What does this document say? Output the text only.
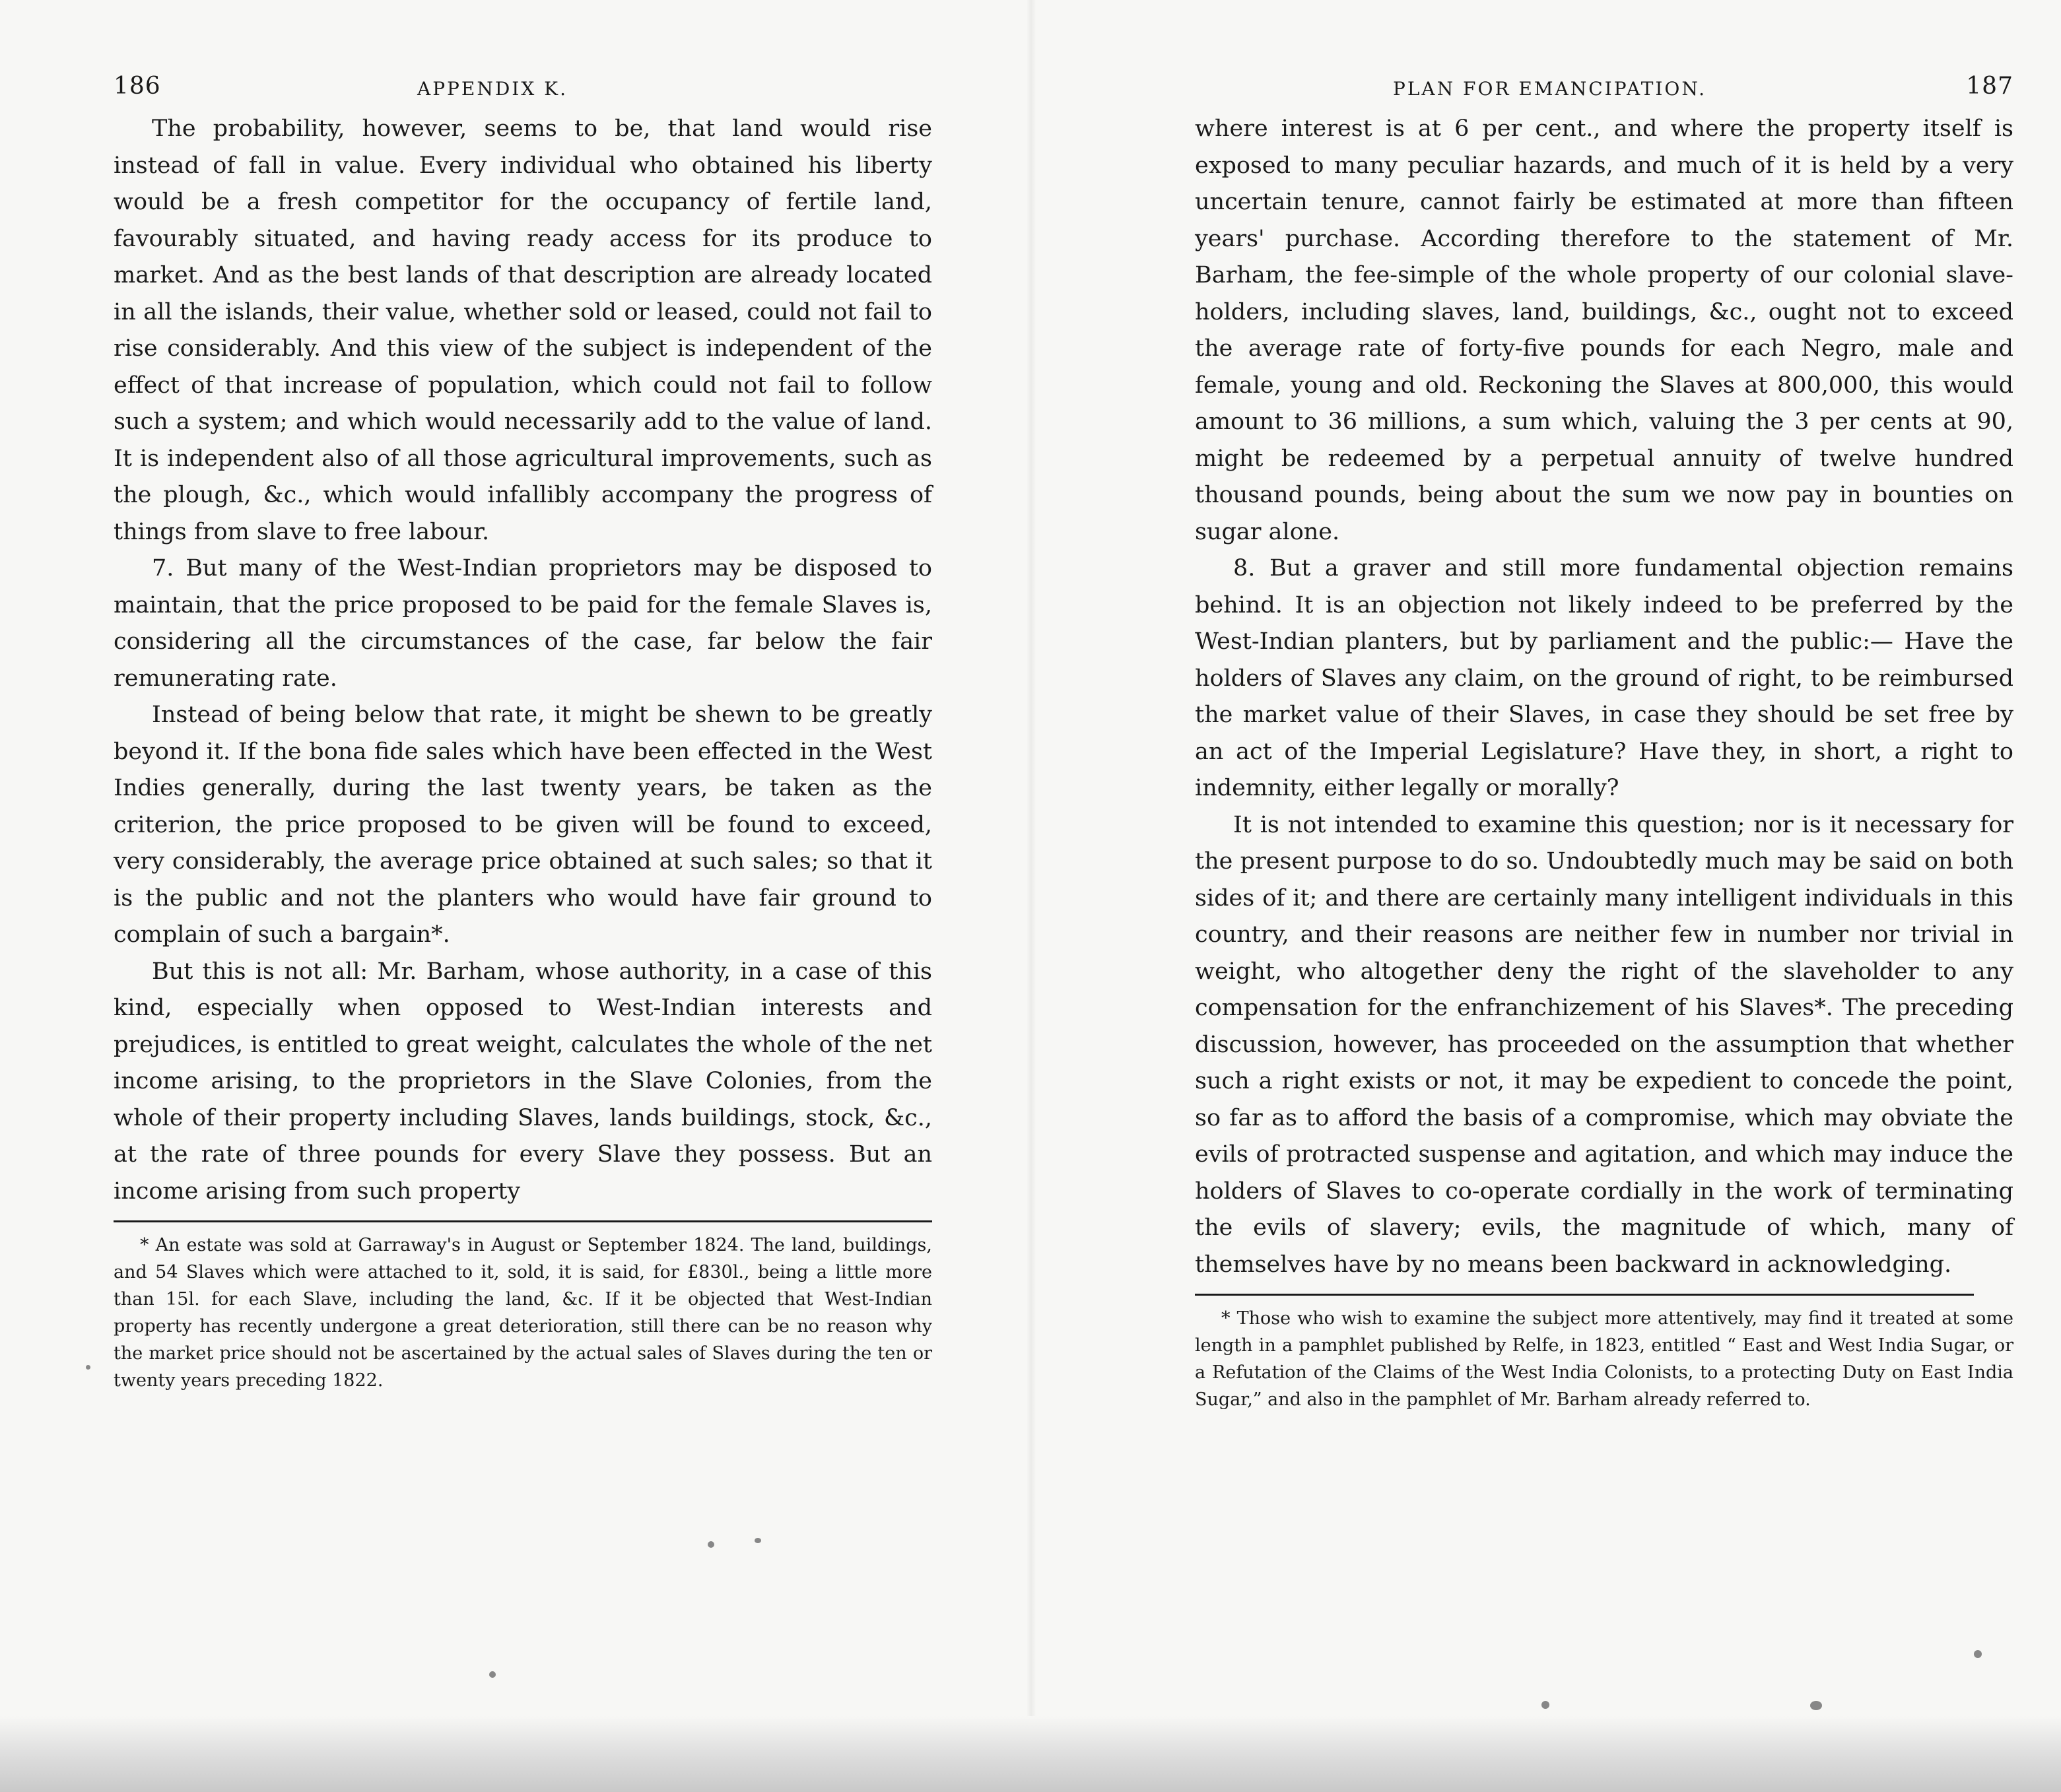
186	APPENDIX K.

The probability, however, seems to be, that land would rise instead of fall in value. Every individual who obtained his liberty would be a fresh competitor for the occupancy of fertile land, favourably situated, and having ready access for its produce to market. And as the best lands of that description are already located in all the islands, their value, whether sold or leased, could not fail to rise considerably. And this view of the subject is independent of the effect of that increase of population, which could not fail to follow such a system; and which would necessarily add to the value of land. It is independent also of all those agricultural improvements, such as the plough, &c., which would infallibly accompany the progress of things from slave to free labour.

7. But many of the West-Indian proprietors may be disposed to maintain, that the price proposed to be paid for the female Slaves is, considering all the circumstances of the case, far below the fair remunerating rate.

Instead of being below that rate, it might be shewn to be greatly beyond it. If the bona fide sales which have been effected in the West Indies generally, during the last twenty years, be taken as the criterion, the price proposed to be given will be found to exceed, very considerably, the average price obtained at such sales; so that it is the public and not the planters who would have fair ground to complain of such a bargain*.

But this is not all: Mr. Barham, whose authority, in a case of this kind, especially when opposed to West-Indian interests and prejudices, is entitled to great weight, calculates the whole of the net income arising, to the proprietors in the Slave Colonies, from the whole of their property including Slaves, lands buildings, stock, &c., at the rate of three pounds for every Slave they possess. But an income arising from such property

* An estate was sold at Garraway's in August or September 1824. The land, buildings, and 54 Slaves which were attached to it, sold, it is said, for £830l., being a little more than 15l. for each Slave, including the land, &c. If it be objected that West-Indian property has recently undergone a great deterioration, still there can be no reason why the market price should not be ascertained by the actual sales of Slaves during the ten or twenty years preceding 1822.

PLAN FOR EMANCIPATION.	187

where interest is at 6 per cent., and where the property itself is exposed to many peculiar hazards, and much of it is held by a very uncertain tenure, cannot fairly be estimated at more than fifteen years' purchase. According therefore to the statement of Mr. Barham, the fee-simple of the whole property of our colonial slave-holders, including slaves, land, buildings, &c., ought not to exceed the average rate of forty-five pounds for each Negro, male and female, young and old. Reckoning the Slaves at 800,000, this would amount to 36 millions, a sum which, valuing the 3 per cents at 90, might be redeemed by a perpetual annuity of twelve hundred thousand pounds, being about the sum we now pay in bounties on sugar alone.

8. But a graver and still more fundamental objection remains behind. It is an objection not likely indeed to be preferred by the West-Indian planters, but by parliament and the public:— Have the holders of Slaves any claim, on the ground of right, to be reimbursed the market value of their Slaves, in case they should be set free by an act of the Imperial Legislature? Have they, in short, a right to indemnity, either legally or morally?

It is not intended to examine this question; nor is it necessary for the present purpose to do so. Undoubtedly much may be said on both sides of it; and there are certainly many intelligent individuals in this country, and their reasons are neither few in number nor trivial in weight, who altogether deny the right of the slaveholder to any compensation for the enfranchizement of his Slaves*. The preceding discussion, however, has proceeded on the assumption that whether such a right exists or not, it may be expedient to concede the point, so far as to afford the basis of a compromise, which may obviate the evils of protracted suspense and agitation, and which may induce the holders of Slaves to co-operate cordially in the work of terminating the evils of slavery; evils, the magnitude of which, many of themselves have by no means been backward in acknowledging.

* Those who wish to examine the subject more attentively, may find it treated at some length in a pamphlet published by Relfe, in 1823, entitled “ East and West India Sugar, or a Refutation of the Claims of the West India Colonists, to a protecting Duty on East India Sugar,” and also in the pamphlet of Mr. Barham already referred to.
